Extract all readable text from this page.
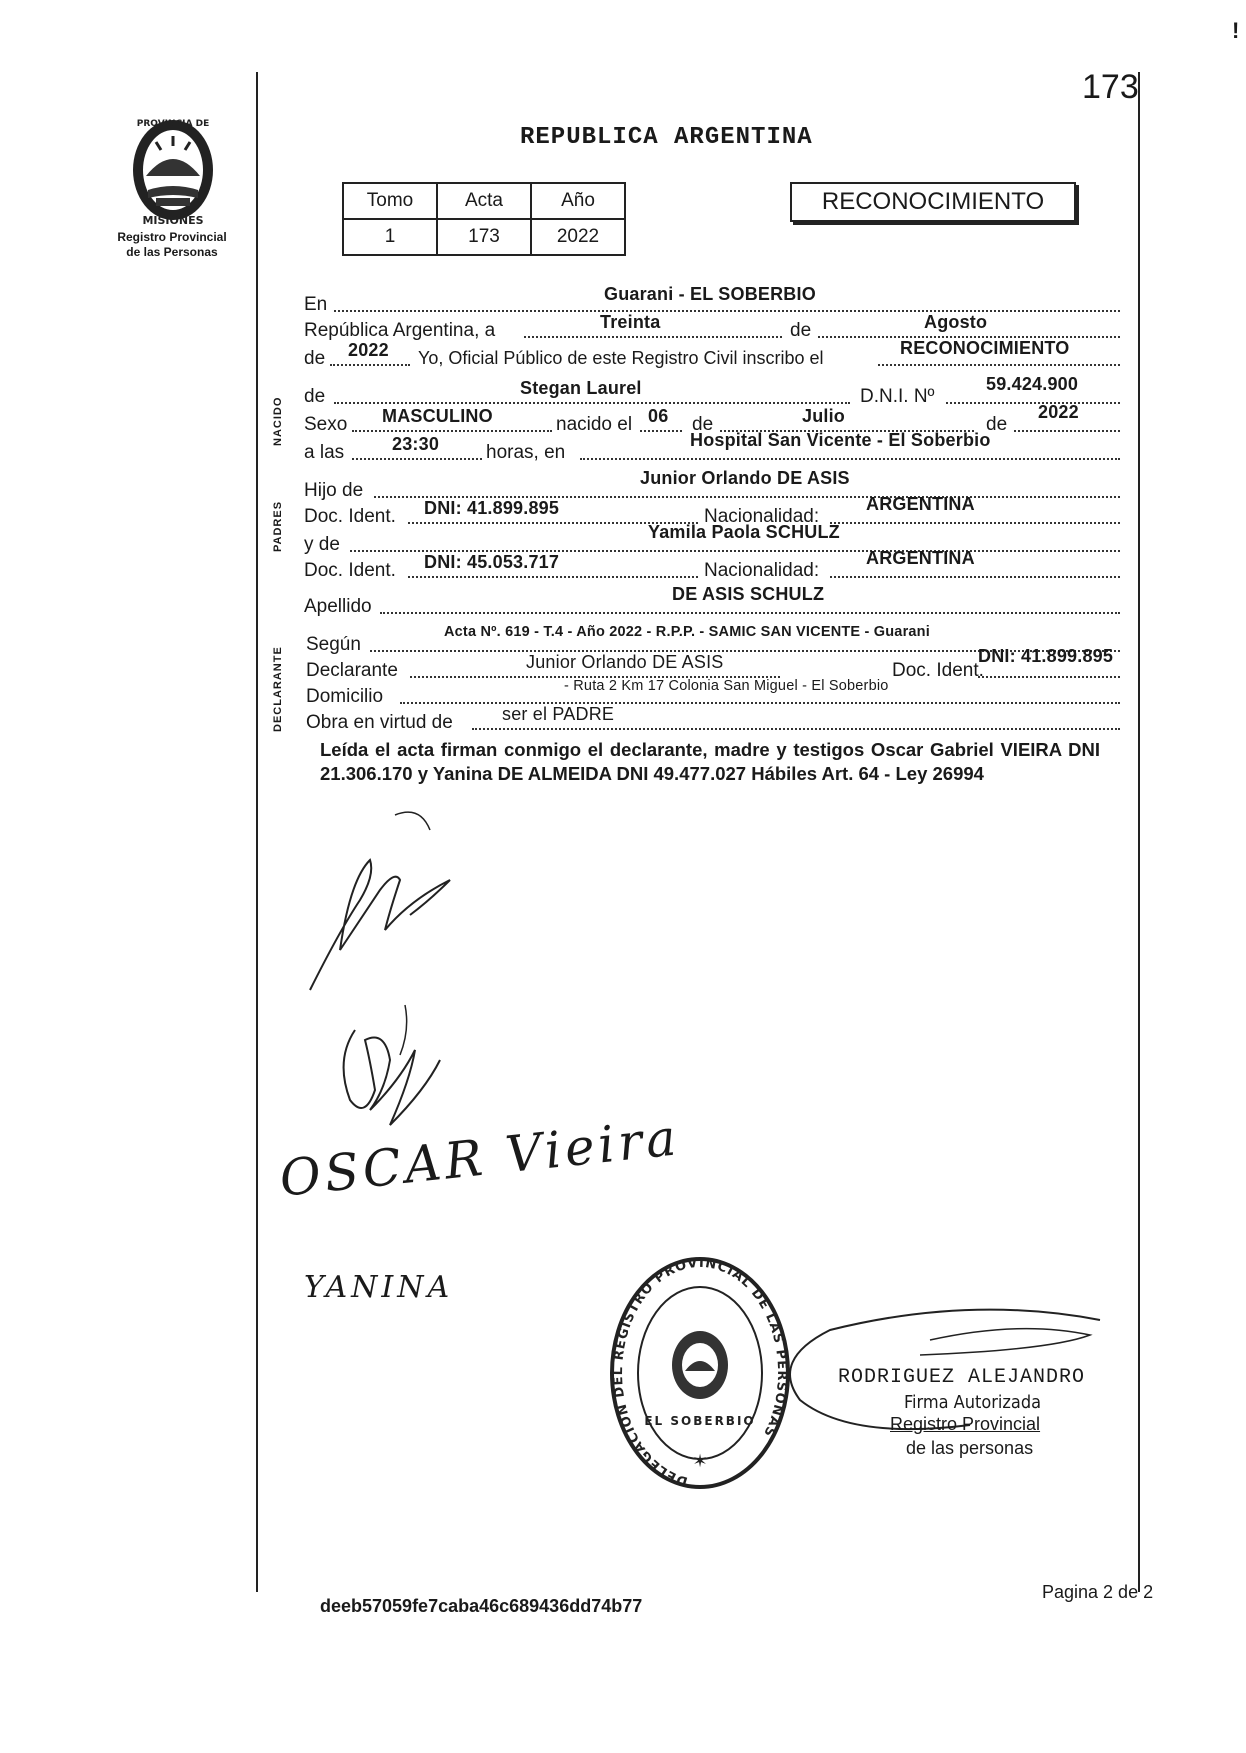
!
173
PROVINCIA DE
MISIONES
Registro Provincial
de las Personas
REPUBLICA ARGENTINA
Tomo	Acta	Año
1	173	2022
RECONOCIMIENTO
NACIDO
PADRES
DECLARANTE
En	Guarani - EL SOBERBIO
República Argentina, a	Treinta	de	Agosto
de 2022 Yo, Oficial Público de este Registro Civil inscribo el	RECONOCIMIENTO
de	Stegan Laurel	D.N.I. Nº
59.424.900
Sexo MASCULINO	nacido el 06 de	Julio	de
2022
a las	23:30 horas, en
Hospital San Vicente - El Soberbio
Hijo de
Junior Orlando DE ASIS
Doc. Ident. DNI: 41.899.895	Nacionalidad:
ARGENTINA
y de
Yamila Paola SCHULZ
Doc. Ident. DNI: 45.053.717	Nacionalidad:
ARGENTINA
Apellido
DE ASIS SCHULZ
Según
Acta Nº. 619 - T.4 - Año 2022 - R.P.P. - SAMIC SAN VICENTE - Guarani
Declarante	Junior Orlando DE ASIS	Doc. Ident.
DNI: 41.899.895
Domicilio	- Ruta 2 Km 17 Colonia San Miguel - El Soberbio
Obra en virtud de	ser el PADRE
Leída el acta firman conmigo el declarante, madre y testigos Oscar Gabriel VIEIRA DNI 21.306.170 y Yanina DE ALMEIDA DNI 49.477.027 Hábiles Art. 64 - Ley 26994
OSCAR Vieira
YANINA
DELEGACION DEL REGISTRO PROVINCIAL DE LAS PERSONAS
EL SOBERBIO
✶
RODRIGUEZ ALEJANDRO
Firma Autorizada
Registro Provincial
de las personas
deeb57059fe7caba46c689436dd74b77
Pagina 2 de 2
